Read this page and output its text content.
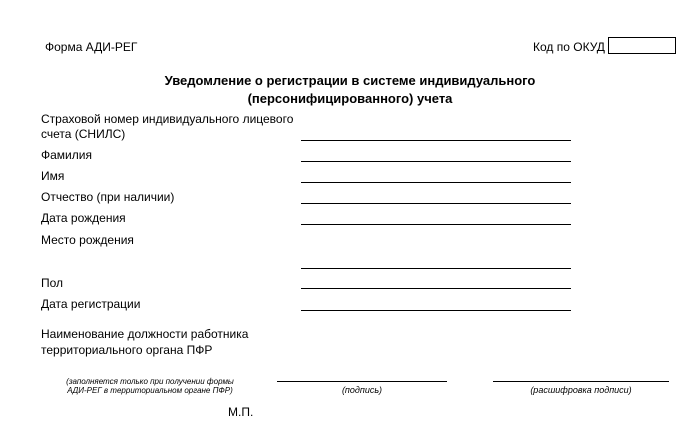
Форма АДИ-РЕГ	Код по ОКУД
Уведомление о регистрации в системе индивидуального
(персонифицированного) учета
Страховой номер индивидуального лицевого
счета (СНИЛС)
Фамилия
Имя
Отчество (при наличии)
Дата рождения
Место рождения
Пол
Дата регистрации
Наименование должности работника
территориального органа ПФР
(заполняется только при получении формы
АДИ-РЕГ в территориальном органе ПФР)	(подпись)	(расшифровка подписи)
М.П.
